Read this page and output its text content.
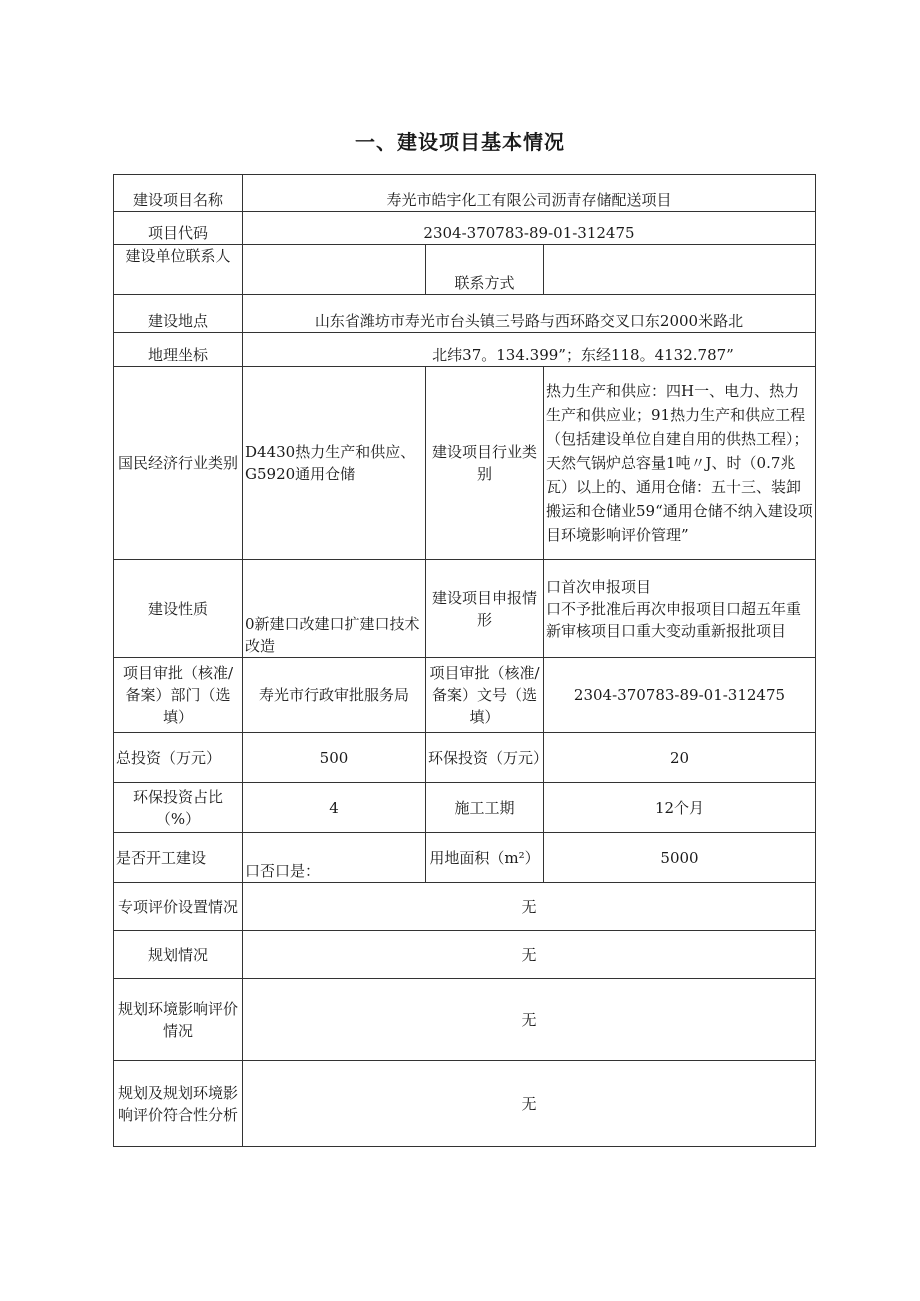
一、建设项目基本情况
建设项目名称	寿光市皓宇化工有限公司沥青存储配送项目		
项目代码	2304-370783-89-01-312475		
建设单位联系人		联系方式	
建设地点	山东省潍坊市寿光市台头镇三号路与西环路交叉口东2000米路北		
地理坐标	北纬37。134.399”；东经118。4132.787”		
国民经济行业类别	D4430热力生产和供应、G5920通用仓储	建设项目行业类别	热力生产和供应：四H一、电力、热力生产和供应业；91热力生产和供应工程（包括建设单位自建自用的供热工程）；天然气锅炉总容量1吨〃J、时（0.7兆瓦）以上的、通用仓储：五十三、装卸搬运和仓储业59“通用仓储不纳入建设项目环境影响评价管理”
建设性质	0新建口改建口扩建口技术改造	建设项目申报情形	口首次申报项目
口不予批准后再次申报项目口超五年重新审核项目口重大变动重新报批项目
项目审批（核准/备案）部门（选填）	寿光市行政审批服务局	项目审批（核准/备案）文号（选填）	2304-370783-89-01-312475
总投资（万元）	500	环保投资（万元）	20
环保投资占比（%）	4	施工工期	12个月
是否开工建设	口否口是：	用地面积（m²）	5000
专项评价设置情况	无		
规划情况	无		
规划环境影响评价情况	无		
规划及规划环境影响评价符合性分析	无		
